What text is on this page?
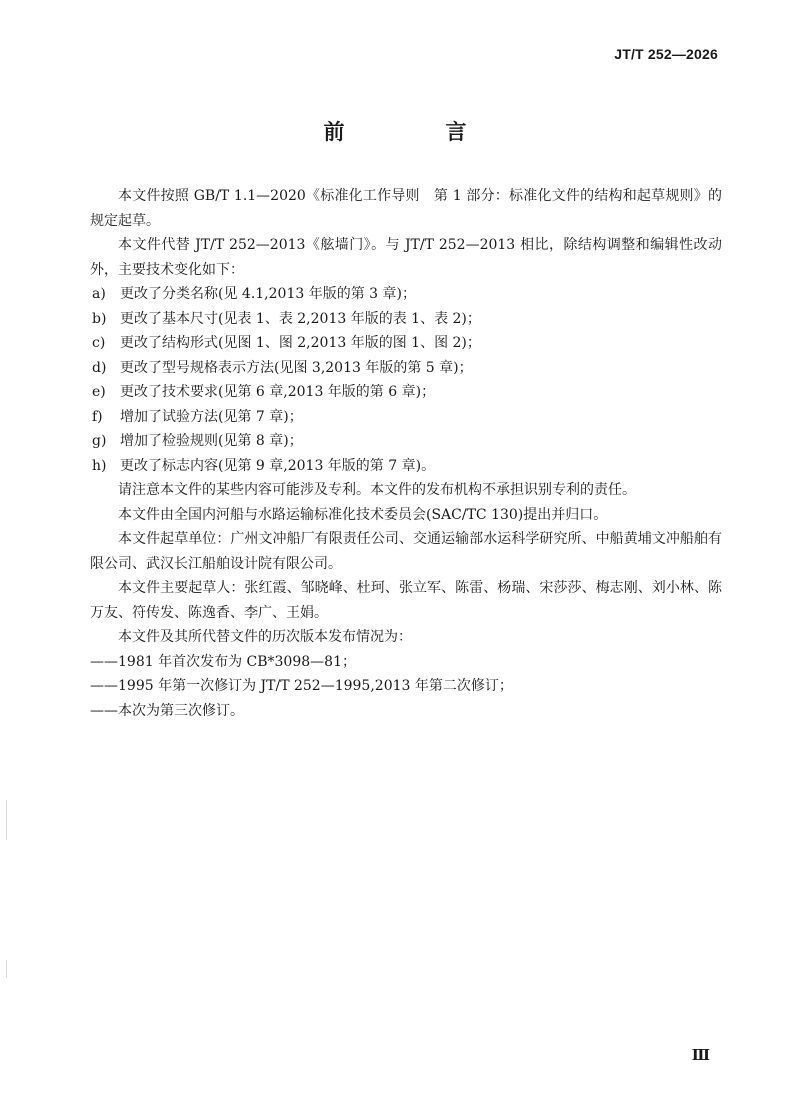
JT/T 252—2026
前　言

本文件按照 GB/T 1.1—2020《标准化工作导则　第 1 部分：标准化文件的结构和起草规则》的规定起草。

本文件代替 JT/T 252—2013《舷墙门》。与 JT/T 252—2013 相比，除结构调整和编辑性改动外，主要技术变化如下：

a) 更改了分类名称(见 4.1,2013 年版的第 3 章)；

b) 更改了基本尺寸(见表 1、表 2,2013 年版的表 1、表 2)；

c) 更改了结构形式(见图 1、图 2,2013 年版的图 1、图 2)；

d) 更改了型号规格表示方法(见图 3,2013 年版的第 5 章)；

e) 更改了技术要求(见第 6 章,2013 年版的第 6 章)；

f) 增加了试验方法(见第 7 章)；

g) 增加了检验规则(见第 8 章)；

h) 更改了标志内容(见第 9 章,2013 年版的第 7 章)。

请注意本文件的某些内容可能涉及专利。本文件的发布机构不承担识别专利的责任。

本文件由全国内河船与水路运输标准化技术委员会(SAC/TC 130)提出并归口。

本文件起草单位：广州文冲船厂有限责任公司、交通运输部水运科学研究所、中船黄埔文冲船舶有限公司、武汉长江船舶设计院有限公司。

本文件主要起草人：张红霞、邹晓峰、杜珂、张立军、陈雷、杨瑞、宋莎莎、梅志刚、刘小林、陈万友、符传发、陈逸香、李广、王娟。

本文件及其所代替文件的历次版本发布情况为：

——1981 年首次发布为 CB*3098—81；

——1995 年第一次修订为 JT/T 252—1995,2013 年第二次修订；

——本次为第三次修订。

Ⅲ
